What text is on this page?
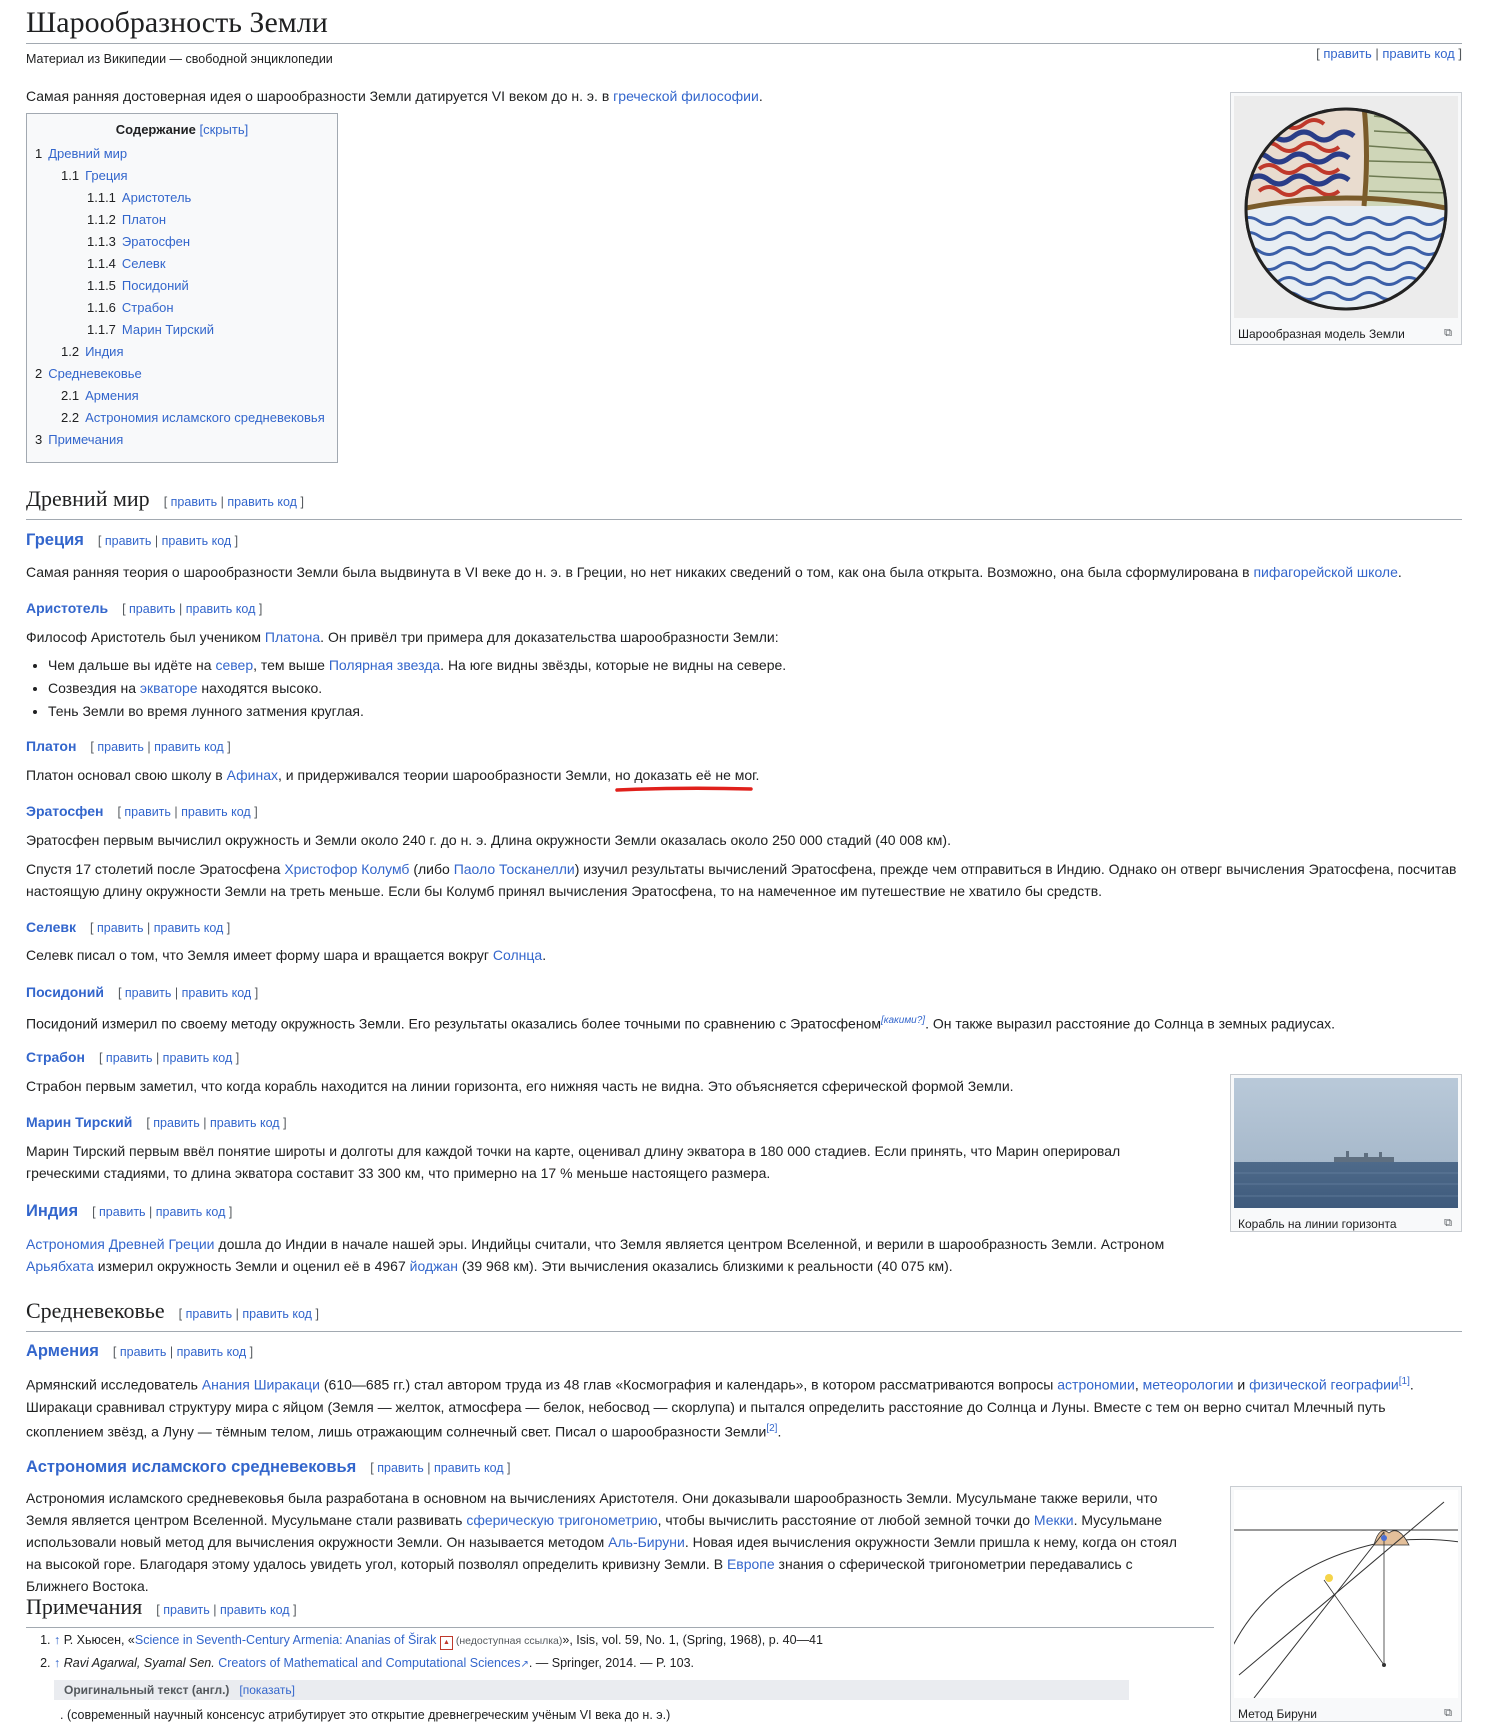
Шарообразность Земли
Материал из Википедии — свободной энциклопедии	[ править | править код ]

Самая ранняя достоверная идея о шарообразности Земли датируется VI веком до н. э. в греческой философии.

Содержание [скрыть]
1 Древний мир
1.1 Греция
1.1.1 Аристотель
1.1.2 Платон
1.1.3 Эратосфен
1.1.4 Селевк
1.1.5 Посидоний
1.1.6 Страбон
1.1.7 Марин Тирский
1.2 Индия
2 Средневековье
2.1 Армения
2.2 Астрономия исламского средневековья
3 Примечания
Шарообразная модель Земли	⧉
Древний мир [ править | править код ]
Греция [ править | править код ]

Самая ранняя теория о шарообразности Земли была выдвинута в VI веке до н. э. в Греции, но нет никаких сведений о том, как она была открыта. Возможно, она была сформулирована в пифагорейской школе.

Аристотель [ править | править код ]

Философ Аристотель был учеником Платона. Он привёл три примера для доказательства шарообразности Земли:

• Чем дальше вы идёте на север, тем выше Полярная звезда. На юге видны звёзды, которые не видны на севере.
• Созвездия на экваторе находятся высоко.
• Тень Земли во время лунного затмения круглая.
Платон [ править | править код ]

Платон основал свою школу в Афинах, и придерживался теории шарообразности Земли, но доказать её не мог.

Эратосфен [ править | править код ]

Эратосфен первым вычислил окружность и Земли около 240 г. до н. э. Длина окружности Земли оказалась около 250 000 стадий (40 008 км).

Спустя 17 столетий после Эратосфена Христофор Колумб (либо Паоло Тосканелли) изучил результаты вычислений Эратосфена, прежде чем отправиться в Индию. Однако он отверг вычисления Эратосфена, посчитав настоящую длину окружности Земли на треть меньше. Если бы Колумб принял вычисления Эратосфена, то на намеченное им путешествие не хватило бы средств.

Селевк [ править | править код ]

Селевк писал о том, что Земля имеет форму шара и вращается вокруг Солнца.

Посидоний [ править | править код ]

Посидоний измерил по своему методу окружность Земли. Его результаты оказались более точными по сравнению с Эратосфеном[какими?]. Он также выразил расстояние до Солнца в земных радиусах.

Страбон [ править | править код ]

Страбон первым заметил, что когда корабль находится на линии горизонта, его нижняя часть не видна. Это объясняется сферической формой Земли.

Корабль на линии горизонта	⧉
Марин Тирский [ править | править код ]

Марин Тирский первым ввёл понятие широты и долготы для каждой точки на карте, оценивал длину экватора в 180 000 стадиев. Если принять, что Марин оперировал греческими стадиями, то длина экватора составит 33 300 км, что примерно на 17 % меньше настоящего размера.

Индия [ править | править код ]

Астрономия Древней Греции дошла до Индии в начале нашей эры. Индийцы считали, что Земля является центром Вселенной, и верили в шарообразность Земли. Астроном Арьябхата измерил окружность Земли и оценил её в 4967 йоджан (39 968 км). Эти вычисления оказались близкими к реальности (40 075 км).

Средневековье [ править | править код ]
Армения [ править | править код ]

Армянский исследователь Анания Ширакаци (610—685 гг.) стал автором труда из 48 глав «Космография и календарь», в котором рассматриваются вопросы астрономии, метеорологии и физической географии[1]. Ширакаци сравнивал структуру мира с яйцом (Земля — желток, атмосфера — белок, небосвод — скорлупа) и пытался определить расстояние до Солнца и Луны. Вместе с тем он верно считал Млечный путь скоплением звёзд, а Луну — тёмным телом, лишь отражающим солнечный свет. Писал о шарообразности Земли[2].

Астрономия исламского средневековья [ править | править код ]

Астрономия исламского средневековья была разработана в основном на вычислениях Аристотеля. Они доказывали шарообразность Земли. Мусульмане также верили, что Земля является центром Вселенной. Мусульмане стали развивать сферическую тригонометрию, чтобы вычислить расстояние от любой земной точки до Мекки. Мусульмане использовали новый метод для вычисления окружности Земли. Он называется методом Аль-Бируни. Новая идея вычисления окружности Земли пришла к нему, когда он стоял на высокой горе. Благодаря этому удалось увидеть угол, который позволял определить кривизну Земли. В Европе знания о сферической тригонометрии передавались с Ближнего Востока.

Метод Бируни	⧉
Примечания [ править | править код ]
1. ↑ Р. Хьюсен, «Science in Seventh-Century Armenia: Ananias of Širak ▲ (недоступная ссылка)», Isis, vol. 59, No. 1, (Spring, 1968), p. 40—41
2. ↑ Ravi Agarwal, Syamal Sen. Creators of Mathematical and Computational Sciences↗. — Springer, 2014. — P. 103.
Оригинальный текст (англ.) [показать]
. (современный научный консенсус атрибутирует это открытие древнегреческим учёным VI века до н. э.)
